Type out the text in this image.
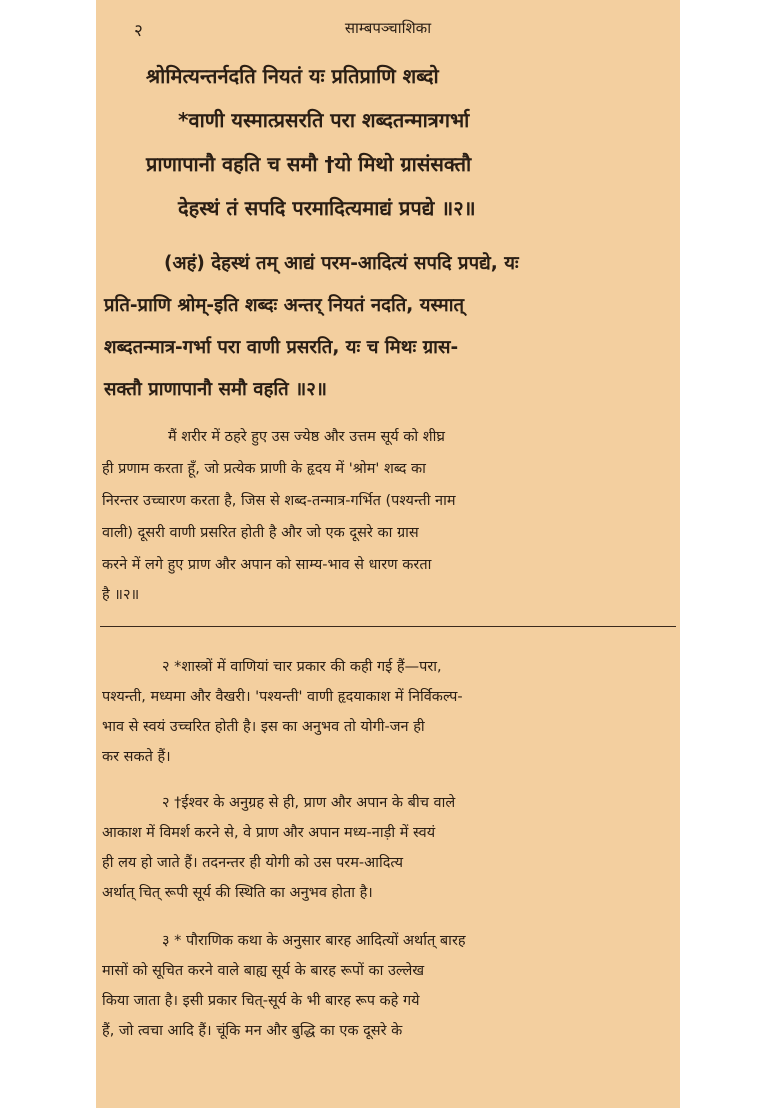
२	साम्बपञ्चाशिका
श्रोमित्यन्तर्नदति नियतं यः प्रतिप्राणि शब्दो
*वाणी यस्मात्प्रसरति परा शब्दतन्मात्रगर्भा
प्राणापानौ वहति च समौ †यो मिथो ग्रासंसक्तौ
देहस्थं तं सपदि परमादित्यमाद्यं प्रपद्ये ॥२॥
(अहं) देहस्थं तम् आद्यं परम-आदित्यं सपदि प्रपद्ये, यः
प्रति-प्राणि श्रोम्-इति शब्दः अन्तर् नियतं नदति, यस्मात्
शब्दतन्मात्र-गर्भा परा वाणी प्रसरति, यः च मिथः ग्रास-
सक्तौ प्राणापानौ समौ वहति ॥२॥
मैं शरीर में ठहरे हुए उस ज्येष्ठ और उत्तम सूर्य को शीघ्र
ही प्रणाम करता हूँ, जो प्रत्येक प्राणी के हृदय में 'श्रोम' शब्द का
निरन्तर उच्चारण करता है, जिस से शब्द-तन्मात्र-गर्भित (पश्यन्ती नाम
वाली) दूसरी वाणी प्रसरित होती है और जो एक दूसरे का ग्रास
करने में लगे हुए प्राण और अपान को साम्य-भाव से धारण करता
है ॥२॥
२ *शास्त्रों में वाणियां चार प्रकार की कही गई हैं—परा,
पश्यन्ती, मध्यमा और वैखरी। 'पश्यन्ती' वाणी हृदयाकाश में निर्विकल्प-
भाव से स्वयं उच्चरित होती है। इस का अनुभव तो योगी-जन ही
कर सकते हैं।
२ †ईश्वर के अनुग्रह से ही, प्राण और अपान के बीच वाले
आकाश में विमर्श करने से, वे प्राण और अपान मध्य-नाड़ी में स्वयं
ही लय हो जाते हैं। तदनन्तर ही योगी को उस परम-आदित्य
अर्थात् चित् रूपी सूर्य की स्थिति का अनुभव होता है।
३ * पौराणिक कथा के अनुसार बारह आदित्यों अर्थात् बारह
मासों को सूचित करने वाले बाह्य सूर्य के बारह रूपों का उल्लेख
किया जाता है। इसी प्रकार चित्-सूर्य के भी बारह रूप कहे गये
हैं, जो त्वचा आदि हैं। चूंकि मन और बुद्धि का एक दूसरे के
